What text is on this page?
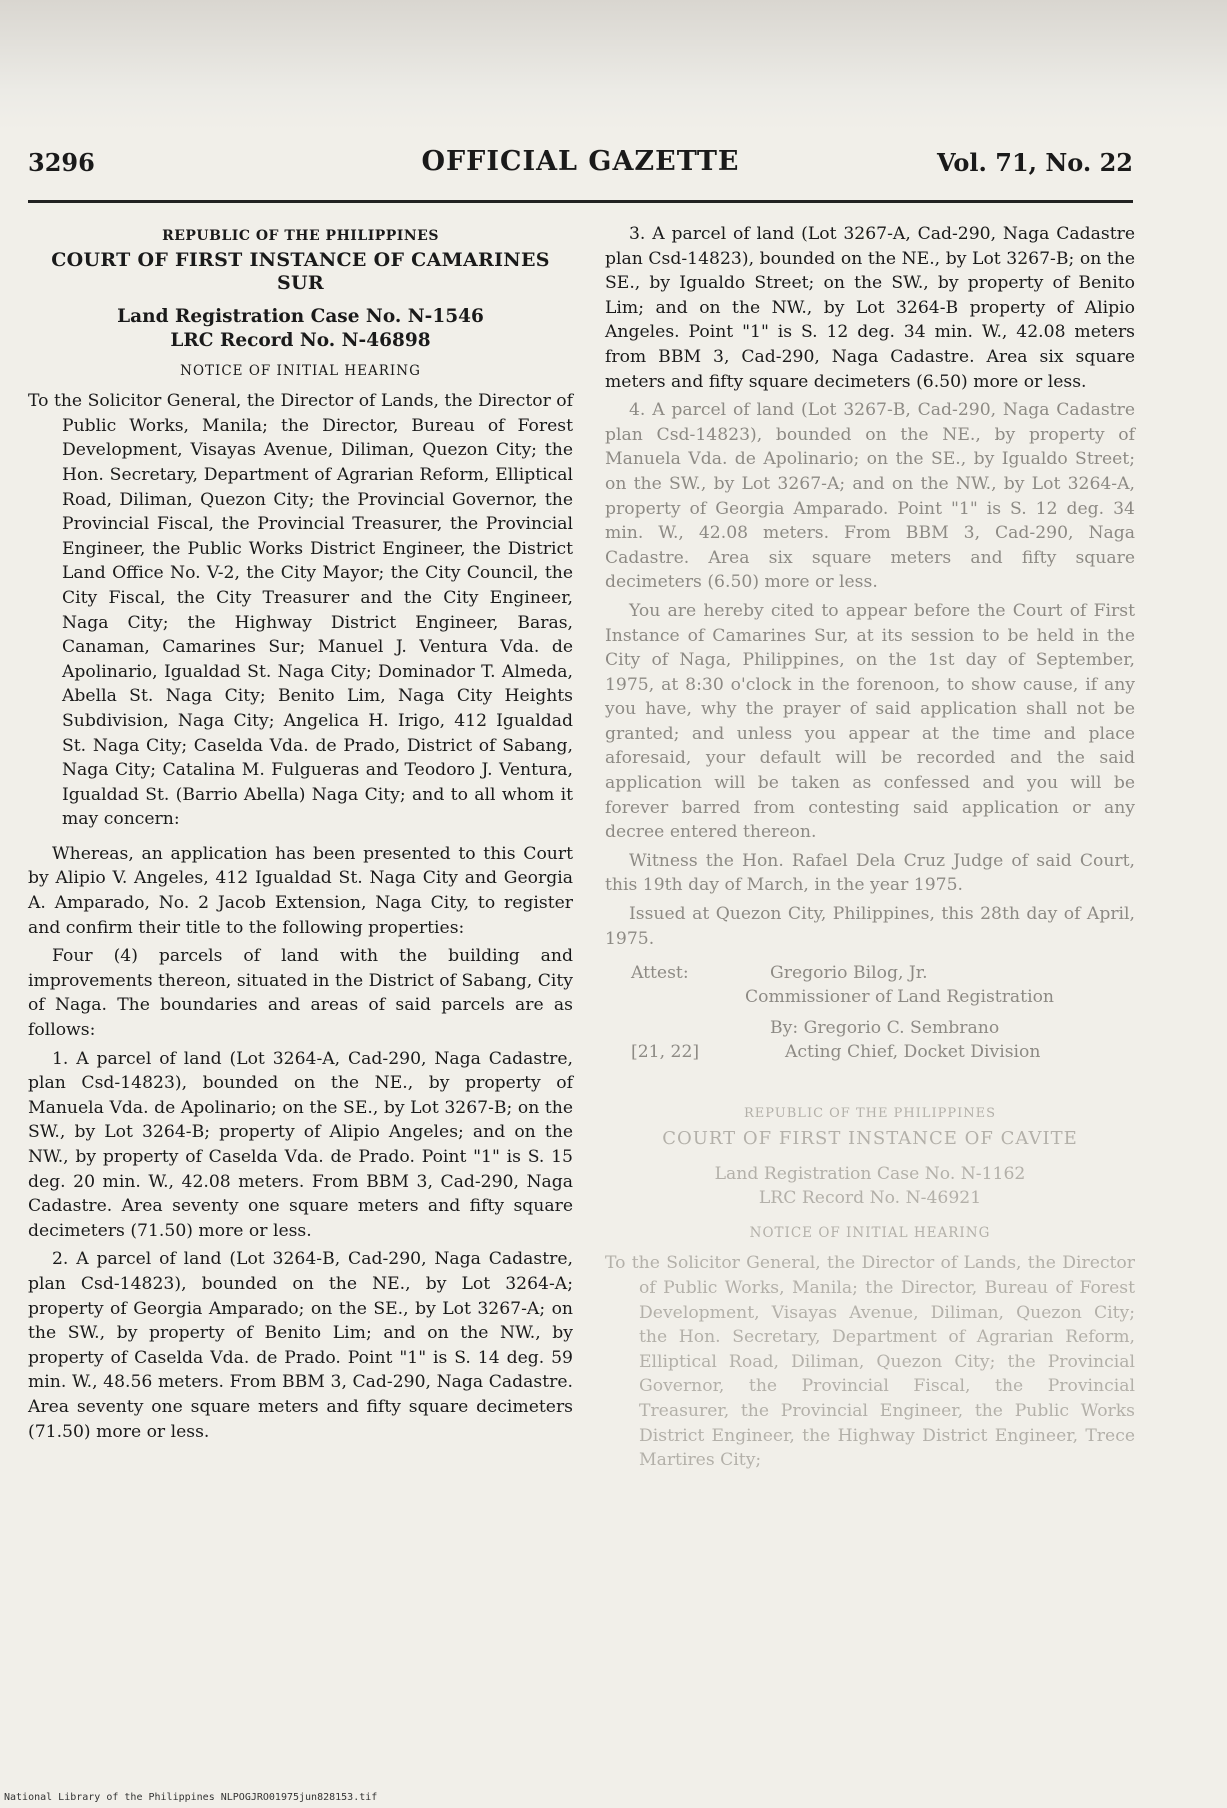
3296	OFFICIAL GAZETTE	Vol. 71, No. 22
REPUBLIC OF THE PHILIPPINES
COURT OF FIRST INSTANCE OF CAMARINES
SUR
Land Registration Case No. N-1546
LRC Record No. N-46898
NOTICE OF INITIAL HEARING

To the Solicitor General, the Director of Lands, the Director of Public Works, Manila; the Director, Bureau of Forest Development, Visayas Avenue, Diliman, Quezon City; the Hon. Secretary, Department of Agrarian Reform, Elliptical Road, Diliman, Quezon City; the Provincial Governor, the Provincial Fiscal, the Provincial Treasurer, the Provincial Engineer, the Public Works District Engineer, the District Land Office No. V-2, the City Mayor; the City Council, the City Fiscal, the City Treasurer and the City Engineer, Naga City; the Highway District Engineer, Baras, Canaman, Camarines Sur; Manuel J. Ventura Vda. de Apolinario, Igualdad St. Naga City; Dominador T. Almeda, Abella St. Naga City; Benito Lim, Naga City Heights Subdivision, Naga City; Angelica H. Irigo, 412 Igualdad St. Naga City; Caselda Vda. de Prado, District of Sabang, Naga City; Catalina M. Fulgueras and Teodoro J. Ventura, Igualdad St. (Barrio Abella) Naga City; and to all whom it may concern:

Whereas, an application has been presented to this Court by Alipio V. Angeles, 412 Igualdad St. Naga City and Georgia A. Amparado, No. 2 Jacob Extension, Naga City, to register and confirm their title to the following properties:

Four (4) parcels of land with the building and improvements thereon, situated in the District of Sabang, City of Naga. The boundaries and areas of said parcels are as follows:

1. A parcel of land (Lot 3264-A, Cad-290, Naga Cadastre, plan Csd-14823), bounded on the NE., by property of Manuela Vda. de Apolinario; on the SE., by Lot 3267-B; on the SW., by Lot 3264-B; property of Alipio Angeles; and on the NW., by property of Caselda Vda. de Prado. Point "1" is S. 15 deg. 20 min. W., 42.08 meters. From BBM 3, Cad-290, Naga Cadastre. Area seventy one square meters and fifty square decimeters (71.50) more or less.

2. A parcel of land (Lot 3264-B, Cad-290, Naga Cadastre, plan Csd-14823), bounded on the NE., by Lot 3264-A; property of Georgia Amparado; on the SE., by Lot 3267-A; on the SW., by property of Benito Lim; and on the NW., by property of Caselda Vda. de Prado. Point "1" is S. 14 deg. 59 min. W., 48.56 meters. From BBM 3, Cad-290, Naga Cadastre. Area seventy one square meters and fifty square decimeters (71.50) more or less.

3. A parcel of land (Lot 3267-A, Cad-290, Naga Cadastre plan Csd-14823), bounded on the NE., by Lot 3267-B; on the SE., by Igualdo Street; on the SW., by property of Benito Lim; and on the NW., by Lot 3264-B property of Alipio Angeles. Point "1" is S. 12 deg. 34 min. W., 42.08 meters from BBM 3, Cad-290, Naga Cadastre. Area six square meters and fifty square decimeters (6.50) more or less.

4. A parcel of land (Lot 3267-B, Cad-290, Naga Cadastre plan Csd-14823), bounded on the NE., by property of Manuela Vda. de Apolinario; on the SE., by Igualdo Street; on the SW., by Lot 3267-A; and on the NW., by Lot 3264-A, property of Georgia Amparado. Point "1" is S. 12 deg. 34 min. W., 42.08 meters. From BBM 3, Cad-290, Naga Cadastre. Area six square meters and fifty square decimeters (6.50) more or less.

You are hereby cited to appear before the Court of First Instance of Camarines Sur, at its session to be held in the City of Naga, Philippines, on the 1st day of September, 1975, at 8:30 o'clock in the forenoon, to show cause, if any you have, why the prayer of said application shall not be granted; and unless you appear at the time and place aforesaid, your default will be recorded and the said application will be taken as confessed and you will be forever barred from contesting said application or any decree entered thereon.

Witness the Hon. Rafael Dela Cruz Judge of said Court, this 19th day of March, in the year 1975.

Issued at Quezon City, Philippines, this 28th day of April, 1975.

Attest:	Gregorio Bilog, Jr.
Commissioner of Land Registration
By: Gregorio C. Sembrano
[21, 22]	Acting Chief, Docket Division
REPUBLIC OF THE PHILIPPINES
COURT OF FIRST INSTANCE OF CAVITE
Land Registration Case No. N-1162
LRC Record No. N-46921
NOTICE OF INITIAL HEARING

To the Solicitor General, the Director of Lands, the Director of Public Works, Manila; the Director, Bureau of Forest Development, Visayas Avenue, Diliman, Quezon City; the Hon. Secretary, Department of Agrarian Reform, Elliptical Road, Diliman, Quezon City; the Provincial Governor, the Provincial Fiscal, the Provincial Treasurer, the Provincial Engineer, the Public Works District Engineer, the Highway District Engineer, Trece Martires City;

National Library of the Philippines NLPOGJRO01975jun828153.tif
